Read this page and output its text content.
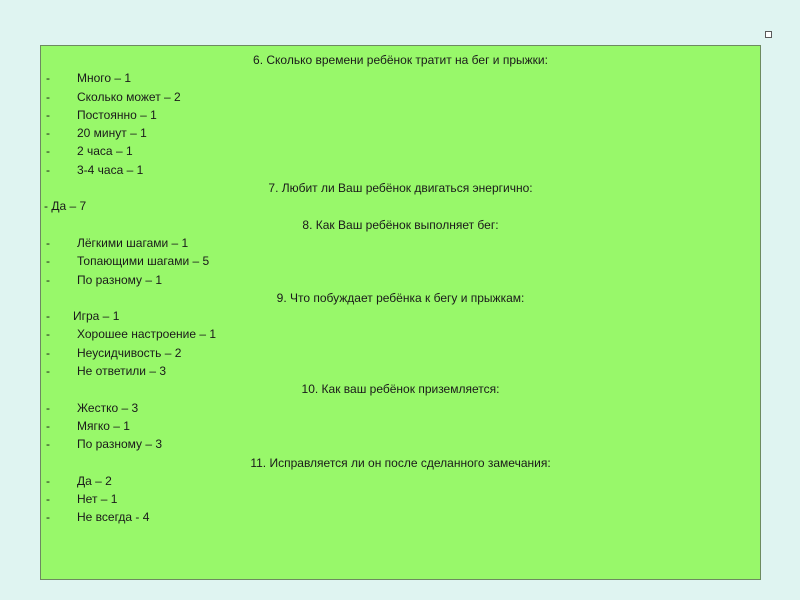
6. Сколько времени ребёнок тратит на бег и прыжки:
- Много – 1
- Сколько может – 2
- Постоянно – 1
- 20 минут – 1
- 2 часа – 1
- 3-4 часа – 1
7. Любит ли Ваш ребёнок двигаться энергично:
- Да – 7
8. Как Ваш ребёнок выполняет бег:
- Лёгкими шагами – 1
- Топающими шагами – 5
- По разному – 1
9. Что побуждает ребёнка к бегу и прыжкам:
- Игра – 1
- Хорошее настроение – 1
- Неусидчивость – 2
- Не ответили – 3
10. Как ваш ребёнок приземляется:
- Жестко – 3
- Мягко – 1
- По разному – 3
11. Исправляется ли он после сделанного замечания:
- Да – 2
- Нет – 1
- Не всегда - 4
